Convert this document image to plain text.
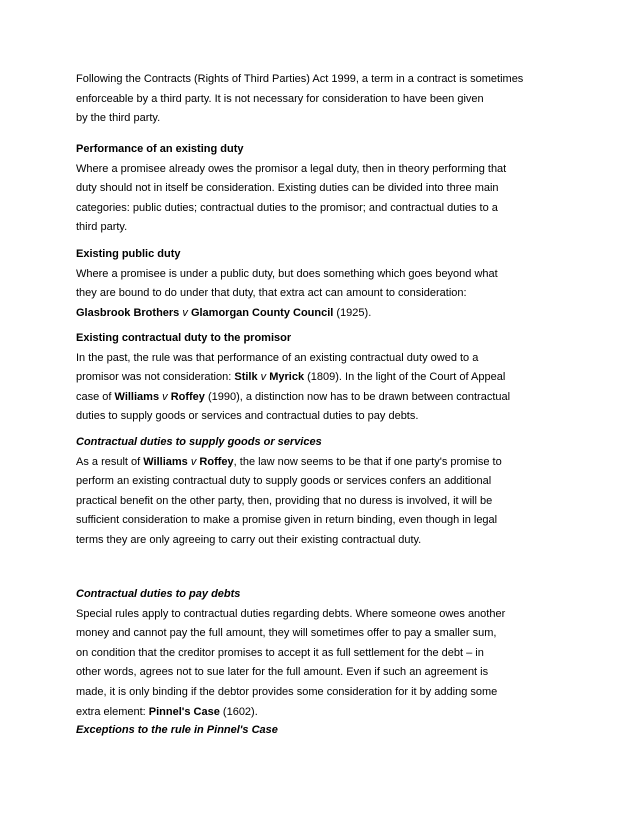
Following the Contracts (Rights of Third Parties) Act 1999, a term in a contract is sometimes
enforceable by a third party. It is not necessary for consideration to have been given
by the third party.
Performance of an existing duty
Where a promisee already owes the promisor a legal duty, then in theory performing that
duty should not in itself be consideration. Existing duties can be divided into three main
categories: public duties; contractual duties to the promisor; and contractual duties to a
third party.
Existing public duty
Where a promisee is under a public duty, but does something which goes beyond what
they are bound to do under that duty, that extra act can amount to consideration:
Glasbrook Brothers v Glamorgan County Council (1925).
Existing contractual duty to the promisor
In the past, the rule was that performance of an existing contractual duty owed to a
promisor was not consideration: Stilk v Myrick (1809). In the light of the Court of Appeal
case of Williams v Roffey (1990), a distinction now has to be drawn between contractual
duties to supply goods or services and contractual duties to pay debts.
Contractual duties to supply goods or services
As a result of Williams v Roffey, the law now seems to be that if one party's promise to
perform an existing contractual duty to supply goods or services confers an additional
practical benefit on the other party, then, providing that no duress is involved, it will be
sufficient consideration to make a promise given in return binding, even though in legal
terms they are only agreeing to carry out their existing contractual duty.
Contractual duties to pay debts
Special rules apply to contractual duties regarding debts. Where someone owes another
money and cannot pay the full amount, they will sometimes offer to pay a smaller sum,
on condition that the creditor promises to accept it as full settlement for the debt – in
other words, agrees not to sue later for the full amount. Even if such an agreement is
made, it is only binding if the debtor provides some consideration for it by adding some
extra element: Pinnel's Case (1602).
Exceptions to the rule in Pinnel's Case
